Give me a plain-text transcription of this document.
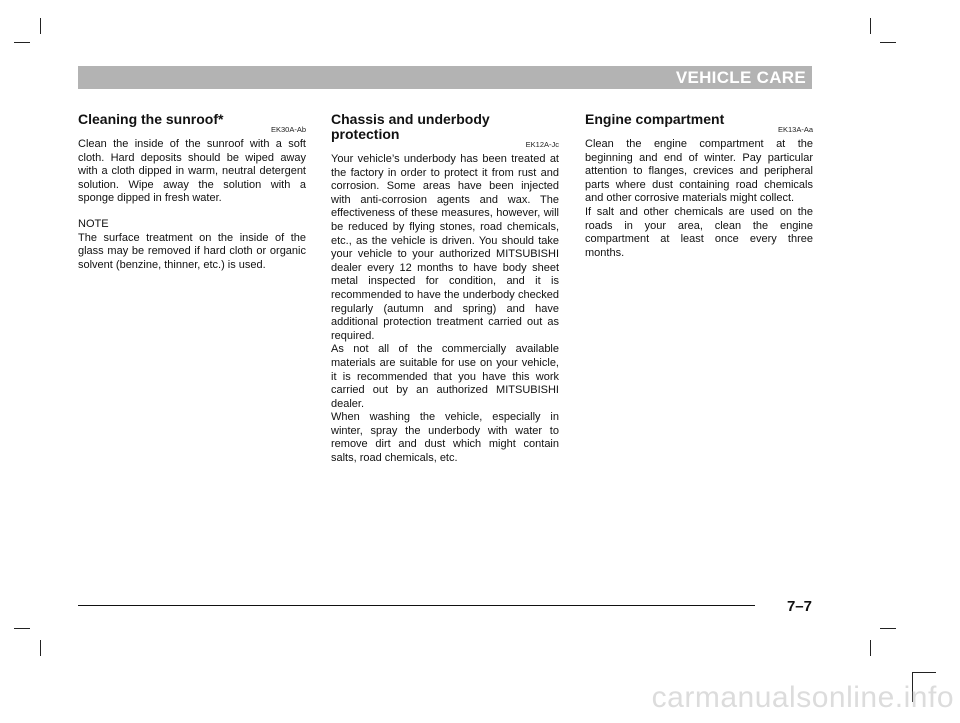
VEHICLE CARE
Cleaning the sunroof*
EK30A-Ab

Clean the inside of the sunroof with a soft cloth. Hard deposits should be wiped away with a cloth dipped in warm, neutral detergent solution. Wipe away the solution with a sponge dipped in fresh water.

NOTE

The surface treatment on the inside of the glass may be removed if hard cloth or organic solvent (benzine, thinner, etc.) is used.

Chassis and underbody protection
EK12A-Jc

Your vehicle’s underbody has been treated at the factory in order to protect it from rust and corrosion. Some areas have been injected with anti-corrosion agents and wax. The effectiveness of these measures, however, will be reduced by flying stones, road chemicals, etc., as the vehicle is driven. You should take your vehicle to your authorized MITSUBISHI dealer every 12 months to have body sheet metal inspected for condition, and it is recommended to have the underbody checked regularly (autumn and spring) and have additional protection treatment carried out as required.

As not all of the commercially available materials are suitable for use on your vehicle, it is recommended that you have this work carried out by an authorized MITSUBISHI dealer.

When washing the vehicle, especially in winter, spray the underbody with water to remove dirt and dust which might contain salts, road chemicals, etc.

Engine compartment
EK13A-Aa

Clean the engine compartment at the beginning and end of winter. Pay particular attention to flanges, crevices and peripheral parts where dust containing road chemicals and other corrosive materials might collect.

If salt and other chemicals are used on the roads in your area, clean the engine compartment at least once every three months.

7–7
carmanualsonline.info
